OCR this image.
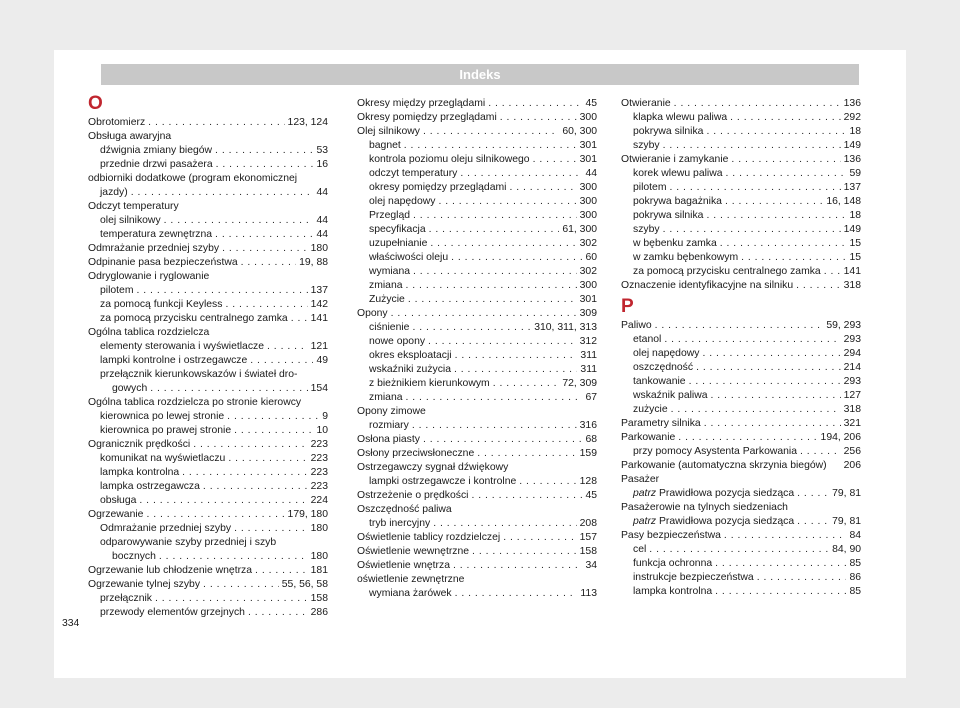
Indeks
O
Obrotomierz . . .	123, 124
Obsługa awaryjna
dźwignia zmiany biegów . . .	53
przednie drzwi pasażera . . .	16
odbiorniki dodatkowe (program ekonomicznej
jazdy) . . .	44
Odczyt temperatury
olej silnikowy . . .	44
temperatura zewnętrzna . . .	44
Odmrażanie przedniej szyby . . .	180
Odpinanie pasa bezpieczeństwa . . .	19, 88
Odryglowanie i ryglowanie
pilotem . . .	137
za pomocą funkcji Keyless . . .	142
za pomocą przycisku centralnego zamka . . . 141
Ogólna tablica rozdzielcza
elementy sterowania i wyświetlacze . . .	121
lampki kontrolne i ostrzegawcze . . .	49
przełącznik kierunkowskazów i świateł dro-
gowych . . .	154
Ogólna tablica rozdzielcza po stronie kierowcy
kierownica po lewej stronie . . .	9
kierownica po prawej stronie . . .	10
Ogranicznik prędkości . . .	223
komunikat na wyświetlaczu . . .	223
lampka kontrolna . . .	223
lampka ostrzegawcza . . .	223
obsługa . . .	224
Ogrzewanie . . .	179, 180
Odmrażanie przedniej szyby . . .	180
odparowywanie szyby przedniej i szyb
bocznych . . .	180
Ogrzewanie lub chłodzenie wnętrza . . .	181
Ogrzewanie tylnej szyby . . .	55, 56, 58
przełącznik . . .	158
przewody elementów grzejnych . . .	286
Okresy między przeglądami . . .	45
Okresy pomiędzy przeglądami . . .	300
Olej silnikowy . . .	60, 300
bagnet . . .	301
kontrola poziomu oleju silnikowego . . .	301
odczyt temperatury . . .	44
okresy pomiędzy przeglądami . . .	300
olej napędowy . . .	300
Przegląd . . .	300
specyfikacja . . .	61, 300
uzupełnianie . . .	302
właściwości oleju . . .	60
wymiana . . .	302
zmiana . . .	300
Zużycie . . .	301
Opony . . .	309
ciśnienie . . .	310, 311, 313
nowe opony . . .	312
okres eksploatacji . . .	311
wskaźniki zużycia . . .	311
z bieżnikiem kierunkowym . . .	72, 309
zmiana . . .	67
Opony zimowe
rozmiary . . .	316
Osłona piasty . . .	68
Osłony przeciwsłoneczne . . .	159
Ostrzegawczy sygnał dźwiękowy
lampki ostrzegawcze i kontrolne . . .	128
Ostrzeżenie o prędkości . . .	45
Oszczędność paliwa
tryb inercyjny . . .	208
Oświetlenie tablicy rozdzielczej . . .	157
Oświetlenie wewnętrzne . . .	158
Oświetlenie wnętrza . . .	34
oświetlenie zewnętrzne
wymiana żarówek . . .	113
Otwieranie . . .	136
klapka wlewu paliwa . . .	292
pokrywa silnika . . .	18
szyby . . .	149
Otwieranie i zamykanie . . .	136
korek wlewu paliwa . . .	59
pilotem . . .	137
pokrywa bagażnika . . .	16, 148
pokrywa silnika . . .	18
szyby . . .	149
w bębenku zamka . . .	15
w zamku bębenkowym . . .	15
za pomocą przycisku centralnego zamka . . . 141
Oznaczenie identyfikacyjne na silniku . . .	318
P
Paliwo . . .	59, 293
etanol . . .	293
olej napędowy . . .	294
oszczędność . . .	214
tankowanie . . .	293
wskaźnik paliwa . . .	127
zużycie . . .	318
Parametry silnika . . .	321
Parkowanie . . .	194, 206
przy pomocy Asystenta Parkowania . . .	256
Parkowanie (automatyczna skrzynia biegów) 206
Pasażer
patrz Prawidłowa pozycja siedząca . . .	79, 81
Pasażerowie na tylnych siedzeniach
patrz Prawidłowa pozycja siedząca . . .	79, 81
Pasy bezpieczeństwa . . .	84
cel . . .	84, 90
funkcja ochronna . . .	85
instrukcje bezpieczeństwa . . .	86
lampka kontrolna . . .	85
334
